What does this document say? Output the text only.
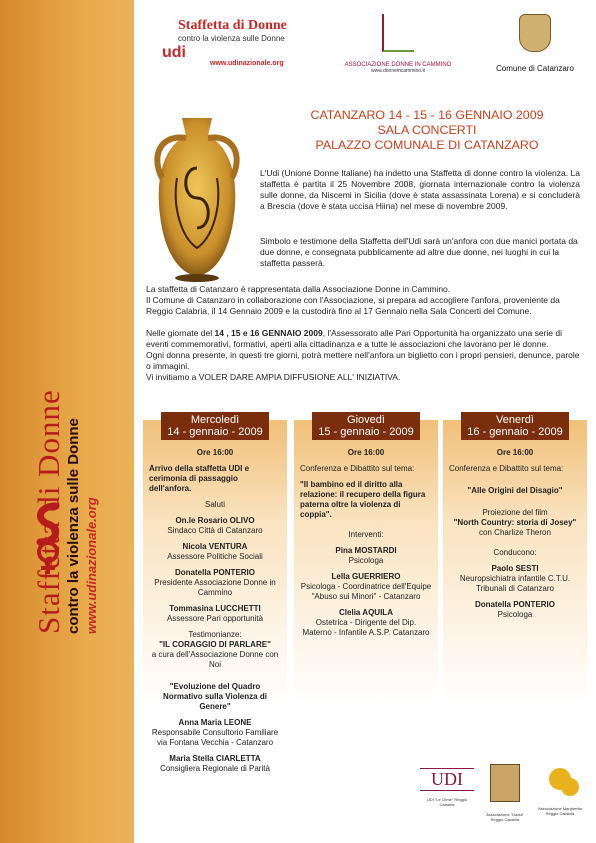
Staffetta di Donne contro la violenza sulle Donne www.udinazionale.org
Staffetta di Donne
contro la violenza sulle Donne
udi
www.udinazionale.org	ASSOCIAZIONE DONNE IN CAMMINO
www.donneincammino.it	Comune di Catanzaro
CATANZARO 14 - 15 - 16 GENNAIO 2009
SALA CONCERTI
PALAZZO COMUNALE DI CATANZARO

L'Udi (Unione Donne Italiane) ha indetto una Staffetta di donne contro la violenza. La staffetta è partita il 25 Novembre 2008, giornata internazionale contro la violenza sulle donne, da Niscemi in Sicilia (dove è stata assassinata Lorena) e si concluderà a Brescia (dove è stata uccisa Hiina) nel mese di novembre 2009.

Simbolo e testimone della Staffetta dell'Udi sarà un'anfora con due manici portata da due donne, e consegnata pubblicamente ad altre due donne, nei luoghi in cui la staffetta passerà.

La staffetta di Catanzaro è rappresentata dalla Associazione Donne in Cammino.
Il Comune di Catanzaro in collaborazione con l'Associazione, si prepara ad accogliere l'anfora, proveniente da Reggio Calabria, il 14 Gennaio 2009 e la custodirà fino al 17 Gennaio nella Sala Concerti del Comune.
Nelle giornate del 14 , 15 e 16 GENNAIO 2009, l'Assessorato alle Pari Opportunità ha organizzato una serie di eventi commemorativi, formativi, aperti alla cittadinanza e a tutte le associazioni che lavorano per le donne.
Ogni donna presente, in questi tre giorni, potrà mettere nell'anfora un biglietto con i propri pensieri, denunce, parole o immagini.
Vi invitiamo a VOLER DARE AMPIA DIFFUSIONE ALL' INIZIATIVA.
Mercoledì
14 - gennaio - 2009
Ore 16:00
Arrivo della staffetta UDI e cerimonia di passaggio dell'anfora.
Saluti
On.le Rosario OLIVO
Sindaco Città di Catanzaro
Nicola VENTURA
Assessore Politiche Sociali
Donatella PONTERIO
Presidente Associazione Donne in Cammino
Tommasina LUCCHETTI
Assessore Pari opportunità
Testimonianze:
"IL CORAGGIO DI PARLARE"
a cura dell'Associazione Donne con Noi
"Evoluzione del Quadro Normativo sulla Violenza di Genere"
Anna Maria LEONE
Responsabile Consultorio Familiare via Fontana Vecchia - Catanzaro
Maria Stella CIARLETTA
Consigliera Regionale di Parità
Giovedì
15 - gennaio - 2009
Ore 16:00
Conferenza e Dibattito sul tema:
"Il bambino ed il diritto alla relazione: il recupero della figura paterna oltre la violenza di coppia".
Interventi:
Pina MOSTARDI
Psicologa
Lella GUERRIERO
Psicologa - Coordinatrice dell'Equipe "Abuso sui Minori" - Catanzaro
Clelia AQUILA
Ostetrica - Dirigente del Dip. Materno - Infantile A.S.P. Catanzaro
Venerdì
16 - gennaio - 2009
Ore 16:00
Conferenza e Dibattito sul tema:
"Alle Origini del Disagio"
Proiezione del film
"North Country: storia di Josey"
con Charlize Theron
Conducono:
Paolo SESTI
Neuropsichiatra infantile C.T.U. Tribunali di Catanzaro
Donatella PONTERIO
Psicologa
UDI
UDI "Le Orme" Reggio Calabria
Associazione "Dacia" Reggio Calabria
Associazione Margherita Reggio Calabria
